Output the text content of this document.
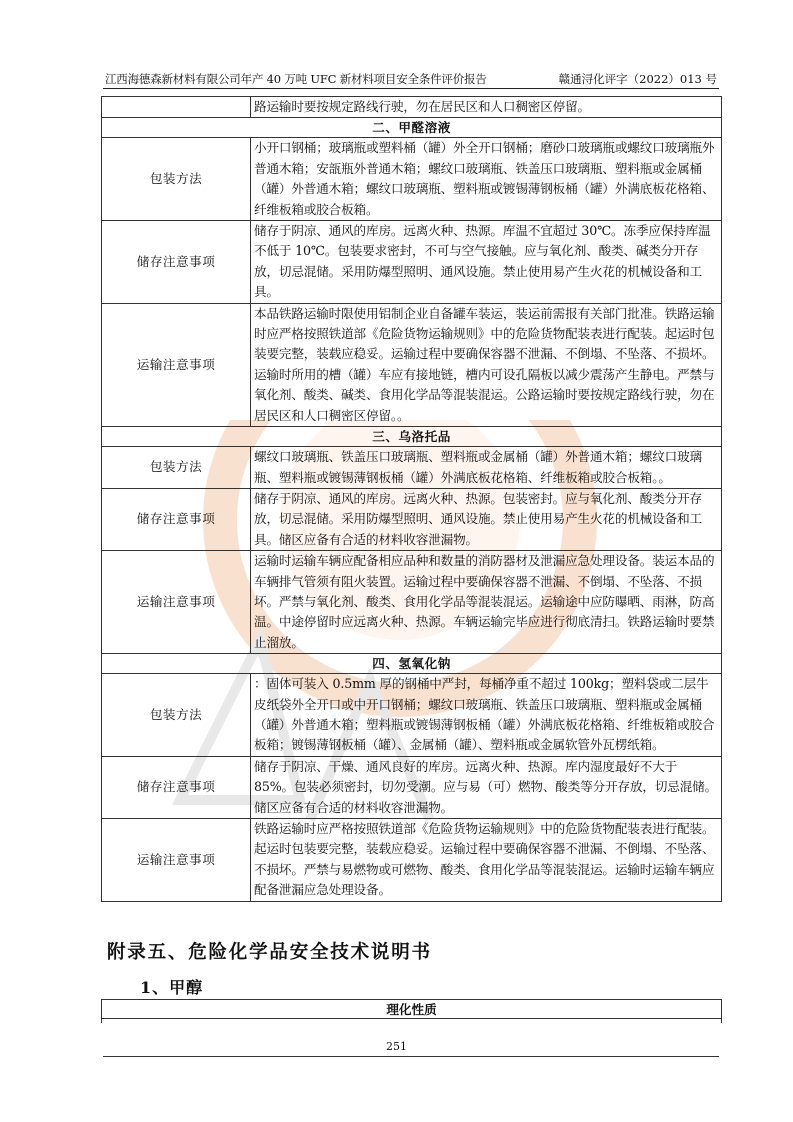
江西海德森新材料有限公司年产 40 万吨 UFC 新材料项目安全条件评价报告	赣通浔化评字（2022）013 号
	路运输时要按规定路线行驶，勿在居民区和人口稠密区停留。
二、甲醛溶液	
包装方法	小开口钢桶；玻璃瓶或塑料桶（罐）外全开口钢桶；磨砂口玻璃瓶或螺纹口玻璃瓶外普通木箱；安瓿瓶外普通木箱；螺纹口玻璃瓶、铁盖压口玻璃瓶、塑料瓶或金属桶（罐）外普通木箱；螺纹口玻璃瓶、塑料瓶或镀锡薄钢板桶（罐）外满底板花格箱、纤维板箱或胶合板箱。
储存注意事项	储存于阴凉、通风的库房。远离火种、热源。库温不宜超过 30℃。冻季应保持库温不低于 10℃。包装要求密封，不可与空气接触。应与氧化剂、酸类、碱类分开存放，切忌混储。采用防爆型照明、通风设施。禁止使用易产生火花的机械设备和工具。
运输注意事项	本品铁路运输时限使用铝制企业自备罐车装运，装运前需报有关部门批准。铁路运输时应严格按照铁道部《危险货物运输规则》中的危险货物配装表进行配装。起运时包装要完整，装载应稳妥。运输过程中要确保容器不泄漏、不倒塌、不坠落、不损坏。运输时所用的槽（罐）车应有接地链，槽内可设孔隔板以减少震荡产生静电。严禁与氧化剂、酸类、碱类、食用化学品等混装混运。公路运输时要按规定路线行驶，勿在居民区和人口稠密区停留。。
三、乌洛托品	
包装方法	螺纹口玻璃瓶、铁盖压口玻璃瓶、塑料瓶或金属桶（罐）外普通木箱；螺纹口玻璃瓶、塑料瓶或镀锡薄钢板桶（罐）外满底板花格箱、纤维板箱或胶合板箱。。
储存注意事项	储存于阴凉、通风的库房。远离火种、热源。包装密封。应与氧化剂、酸类分开存放，切忌混储。采用防爆型照明、通风设施。禁止使用易产生火花的机械设备和工具。储区应备有合适的材料收容泄漏物。
运输注意事项	运输时运输车辆应配备相应品种和数量的消防器材及泄漏应急处理设备。装运本品的车辆排气管须有阻火装置。运输过程中要确保容器不泄漏、不倒塌、不坠落、不损坏。严禁与氧化剂、酸类、食用化学品等混装混运。运输途中应防曝晒、雨淋，防高温。中途停留时应远离火种、热源。车辆运输完毕应进行彻底清扫。铁路运输时要禁止溜放。
四、氢氧化钠	
包装方法	：固体可装入 0.5mm 厚的钢桶中严封，每桶净重不超过 100kg；塑料袋或二层牛皮纸袋外全开口或中开口钢桶；螺纹口玻璃瓶、铁盖压口玻璃瓶、塑料瓶或金属桶（罐）外普通木箱；塑料瓶或镀锡薄钢板桶（罐）外满底板花格箱、纤维板箱或胶合板箱；镀锡薄钢板桶（罐）、金属桶（罐）、塑料瓶或金属软管外瓦楞纸箱。
储存注意事项	储存于阴凉、干燥、通风良好的库房。远离火种、热源。库内湿度最好不大于 85%。包装必须密封，切勿受潮。应与易（可）燃物、酸类等分开存放，切忌混储。储区应备有合适的材料收容泄漏物。
运输注意事项	铁路运输时应严格按照铁道部《危险货物运输规则》中的危险货物配装表进行配装。起运时包装要完整，装载应稳妥。运输过程中要确保容器不泄漏、不倒塌、不坠落、不损坏。严禁与易燃物或可燃物、酸类、食用化学品等混装混运。运输时运输车辆应配备泄漏应急处理设备。
附录五、危险化学品安全技术说明书
1、甲醇
理化性质

251
